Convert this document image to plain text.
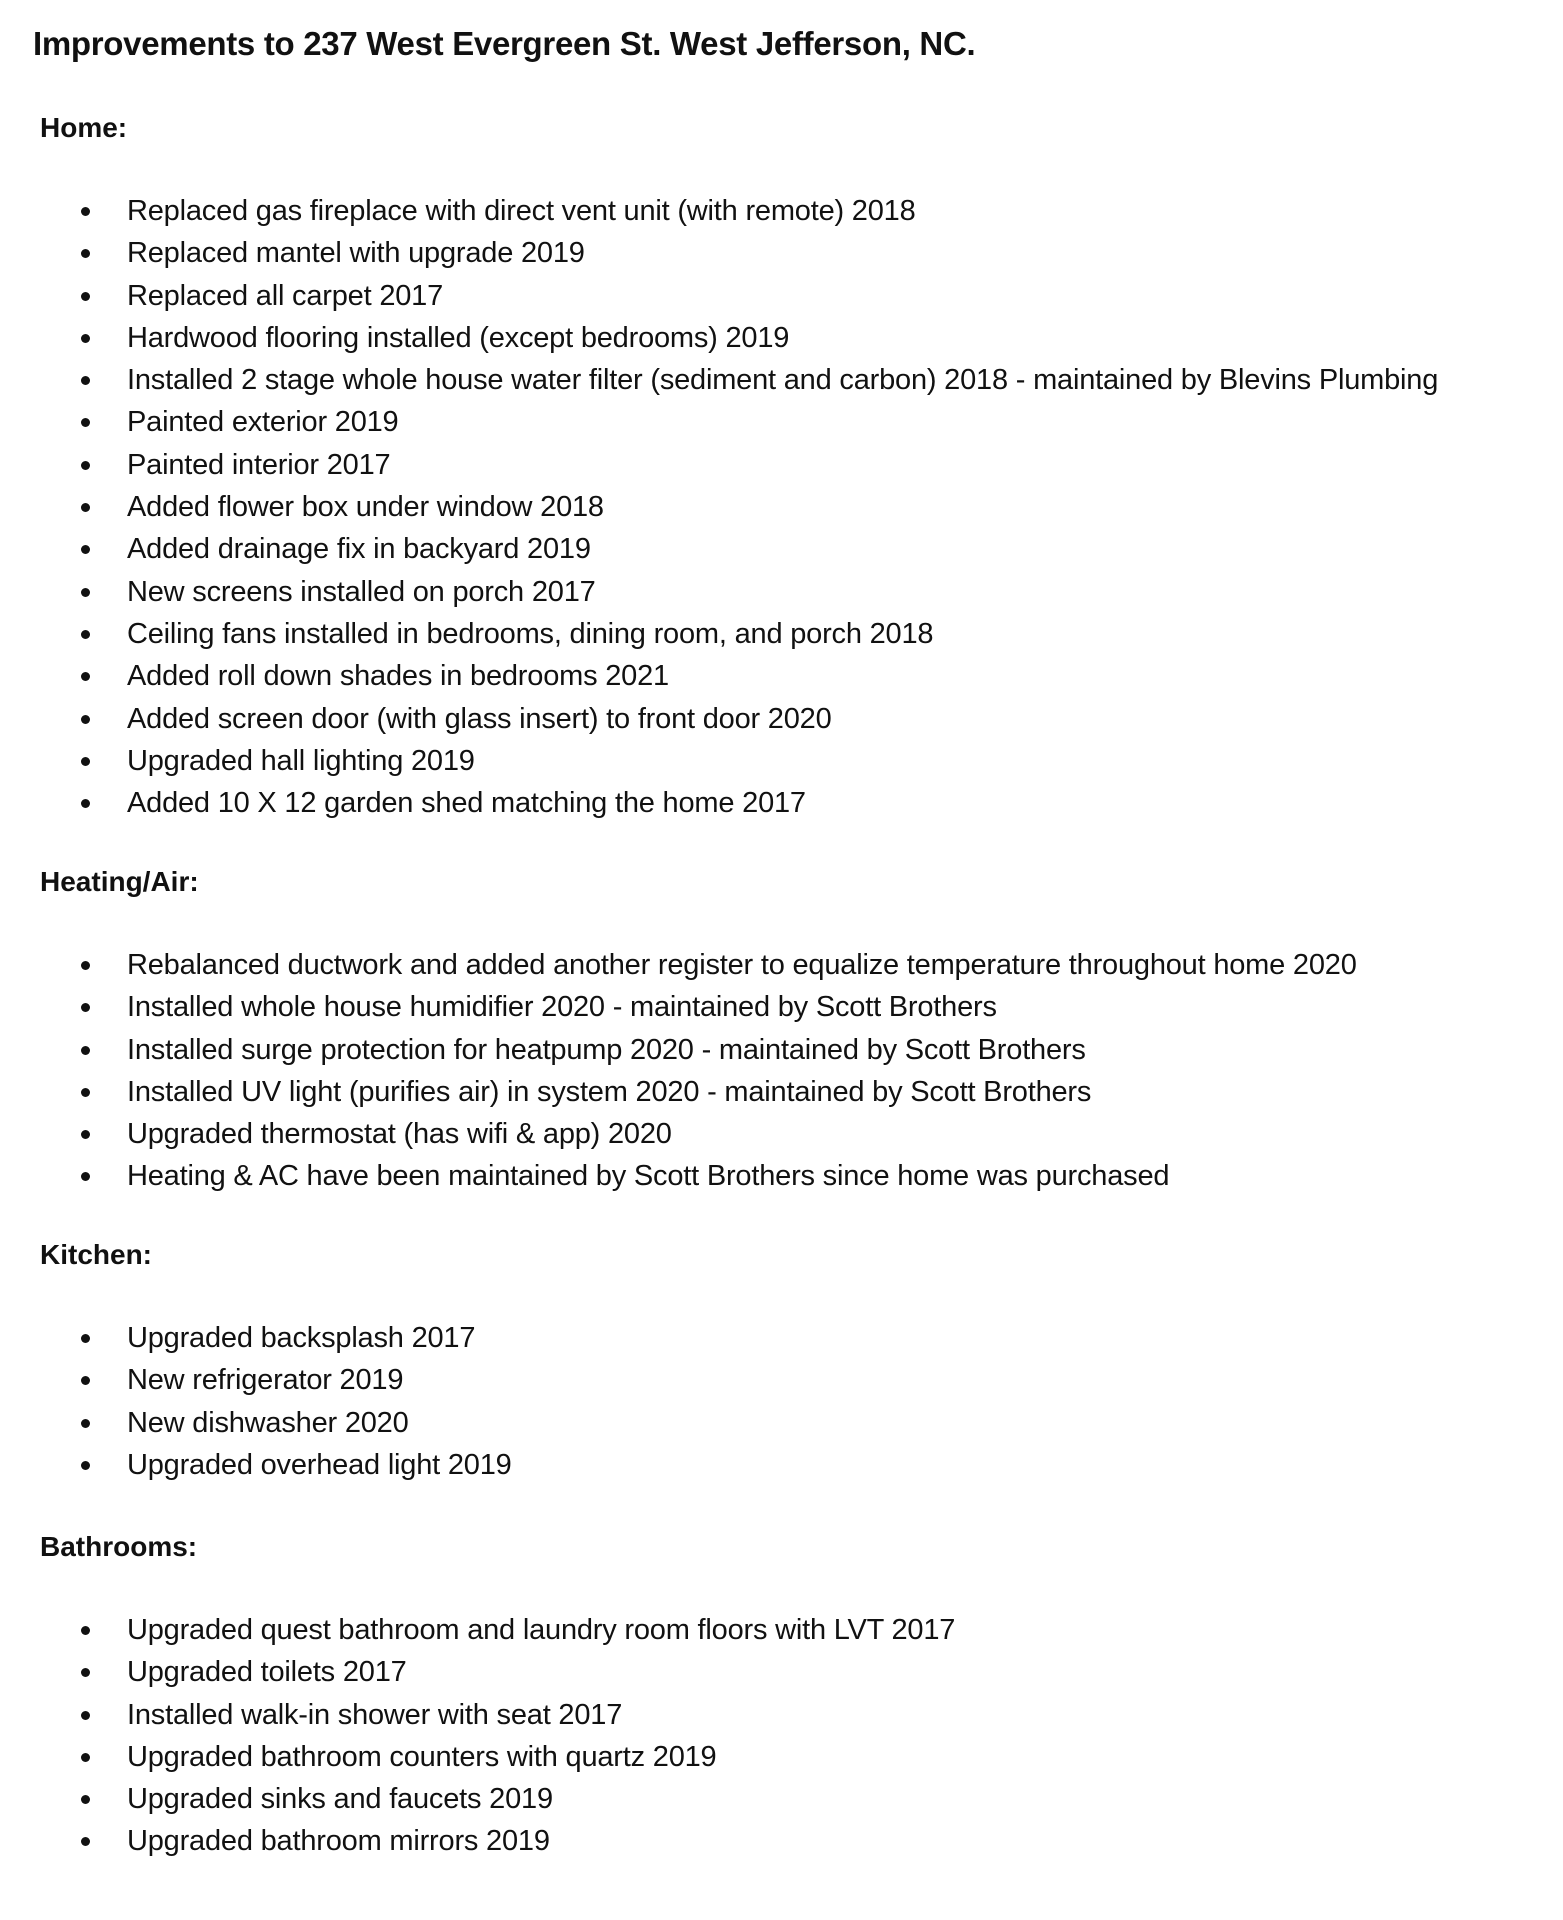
Improvements to 237 West Evergreen St. West Jefferson, NC.
Home:
Replaced gas fireplace with direct vent unit (with remote) 2018
Replaced mantel with upgrade 2019
Replaced all carpet 2017
Hardwood flooring installed (except bedrooms) 2019
Installed 2 stage whole house water filter (sediment and carbon) 2018 - maintained by Blevins Plumbing
Painted exterior 2019
Painted interior 2017
Added flower box under window 2018
Added drainage fix in backyard 2019
New screens installed on porch 2017
Ceiling fans installed in bedrooms, dining room, and porch 2018
Added roll down shades in bedrooms 2021
Added screen door (with glass insert) to front door 2020
Upgraded hall lighting 2019
Added 10 X 12 garden shed matching the home 2017
Heating/Air:
Rebalanced ductwork and added another register to equalize temperature throughout home 2020
Installed whole house humidifier 2020 - maintained by Scott Brothers
Installed surge protection for heatpump 2020 - maintained by Scott Brothers
Installed UV light (purifies air) in system 2020 - maintained by Scott Brothers
Upgraded thermostat (has wifi & app) 2020
Heating & AC have been maintained by Scott Brothers since home was purchased
Kitchen:
Upgraded backsplash 2017
New refrigerator 2019
New dishwasher 2020
Upgraded overhead light 2019
Bathrooms:
Upgraded quest bathroom and laundry room floors with LVT 2017
Upgraded toilets 2017
Installed walk-in shower with seat 2017
Upgraded bathroom counters with quartz 2019
Upgraded sinks and faucets 2019
Upgraded bathroom mirrors 2019
